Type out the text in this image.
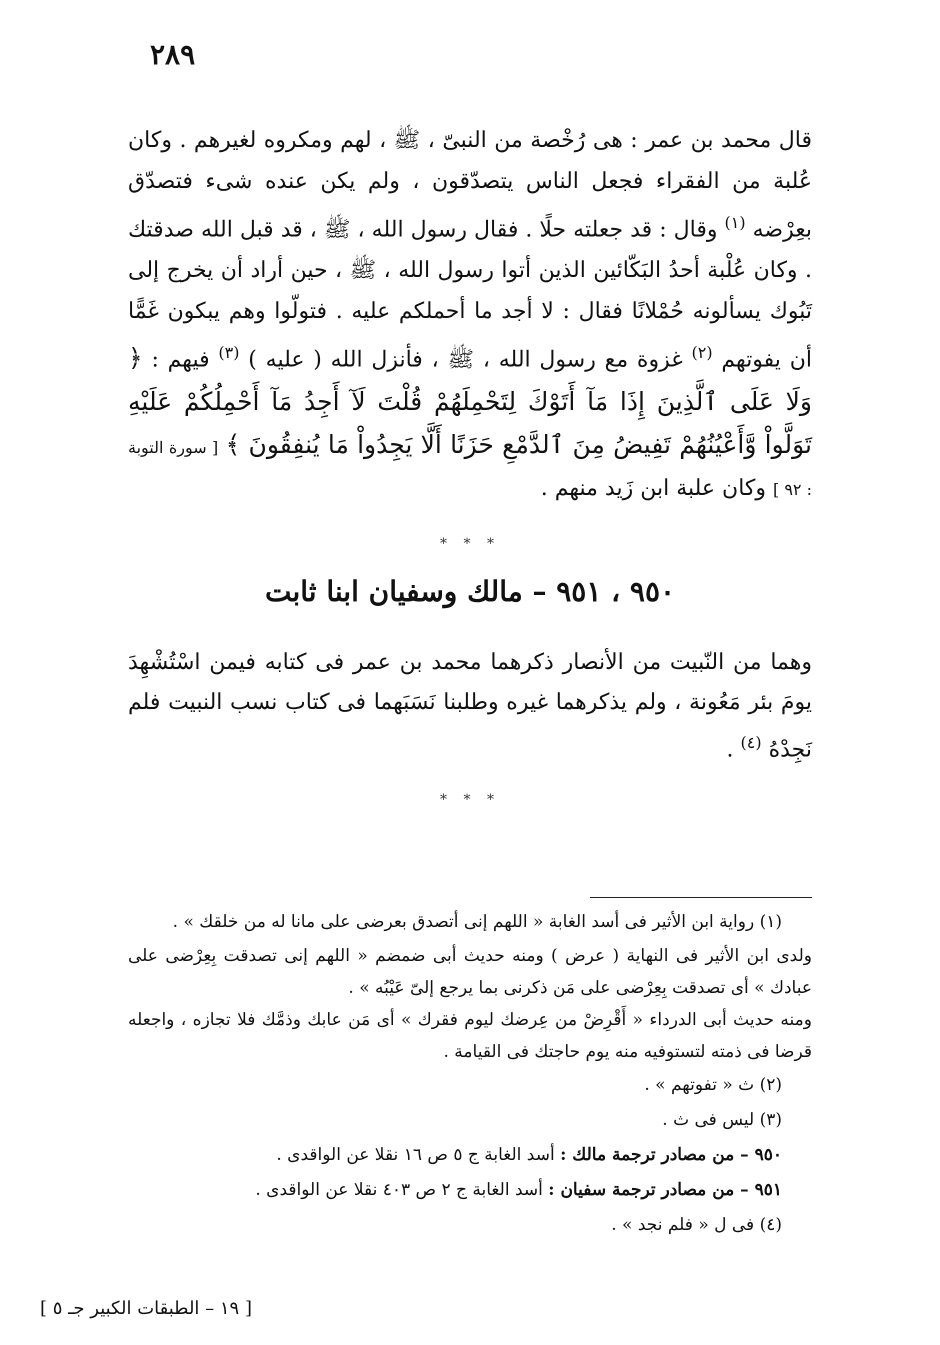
٢٨٩

قال محمد بن عمر : هى رُخْصة من النبىّ ، ﷺ ، لهم ومكروه لغيرهم . وكان عُلبة من الفقراء فجعل الناس يتصدّقون ، ولم يكن عنده شىء فتصدّق بعِرْضه $^{(١)}$ وقال : قد جعلته حلًا . فقال رسول الله ، ﷺ ، قد قبل الله صدقتك . وكان عُلْبة أحدُ البَكّائين الذين أتوا رسول الله ، ﷺ ، حين أراد أن يخرج إلى تَبُوك يسألونه حُمْلانًا فقال : لا أجد ما أحملكم عليه . فتولّوا وهم يبكون غَمًّا أن يفوتهم $^{(٢)}$ غزوة مع رسول الله ، ﷺ ، فأنزل الله ( عليه ) $^{(٣)}$ فيهم : ﴿ وَلَا عَلَى ٱلَّذِينَ إِذَا مَآ أَتَوْكَ لِتَحْمِلَهُمْ قُلْتَ لَآ أَجِدُ مَآ أَحْمِلُكُمْ عَلَيْهِ تَوَلَّواْ وَّأَعْيُنُهُمْ تَفِيضُ مِنَ ٱلدَّمْعِ حَزَنًا أَلَّا يَجِدُواْ مَا يُنفِقُونَ ﴾ [ سورة التوبة : ٩٢ ] وكان علبة ابن زَيد منهم .

* * *
٩٥٠ ، ٩٥١ – مالك وسفيان ابنا ثابت

وهما من النّبيت من الأنصار ذكرهما محمد بن عمر فى كتابه فيمن اسْتُشْهِدَ يومَ بئر مَعُونة ، ولم يذكرهما غيره وطلبنا نَسَبَهما فى كتاب نسب النبيت فلم نَجِدْهُ $^{(٤)}$ .

* * *

(١) رواية ابن الأثير فى أسد الغابة « اللهم إنى أتصدق بعرضى على مانا له من خلقك » .

ولدى ابن الأثير فى النهاية ( عرض ) ومنه حديث أبى ضمضم « اللهم إنى تصدقت بِعِرْضى على عبادك » أى تصدقت بِعِرْضى على مَن ذكرنى بما يرجع إلىّ عَيْبُه » .

ومنه حديث أبى الدرداء « أَقْرِضْ من عِرضك ليوم فقرك » أى مَن عابك وذمَّك فلا تجازه ، واجعله قرضا فى ذمته لتستوفيه منه يوم حاجتك فى القيامة .

(٢) ث « تفوتهم » .

(٣) ليس فى ث .

٩٥٠ – من مصادر ترجمة مالك : أسد الغابة ج ٥ ص ١٦ نقلا عن الواقدى .

٩٥١ – من مصادر ترجمة سفيان : أسد الغابة ج ٢ ص ٤٠٣ نقلا عن الواقدى .

(٤) فى ل « فلم نجد » .

[ ١٩ – الطبقات الكبير جـ ٥ ]
